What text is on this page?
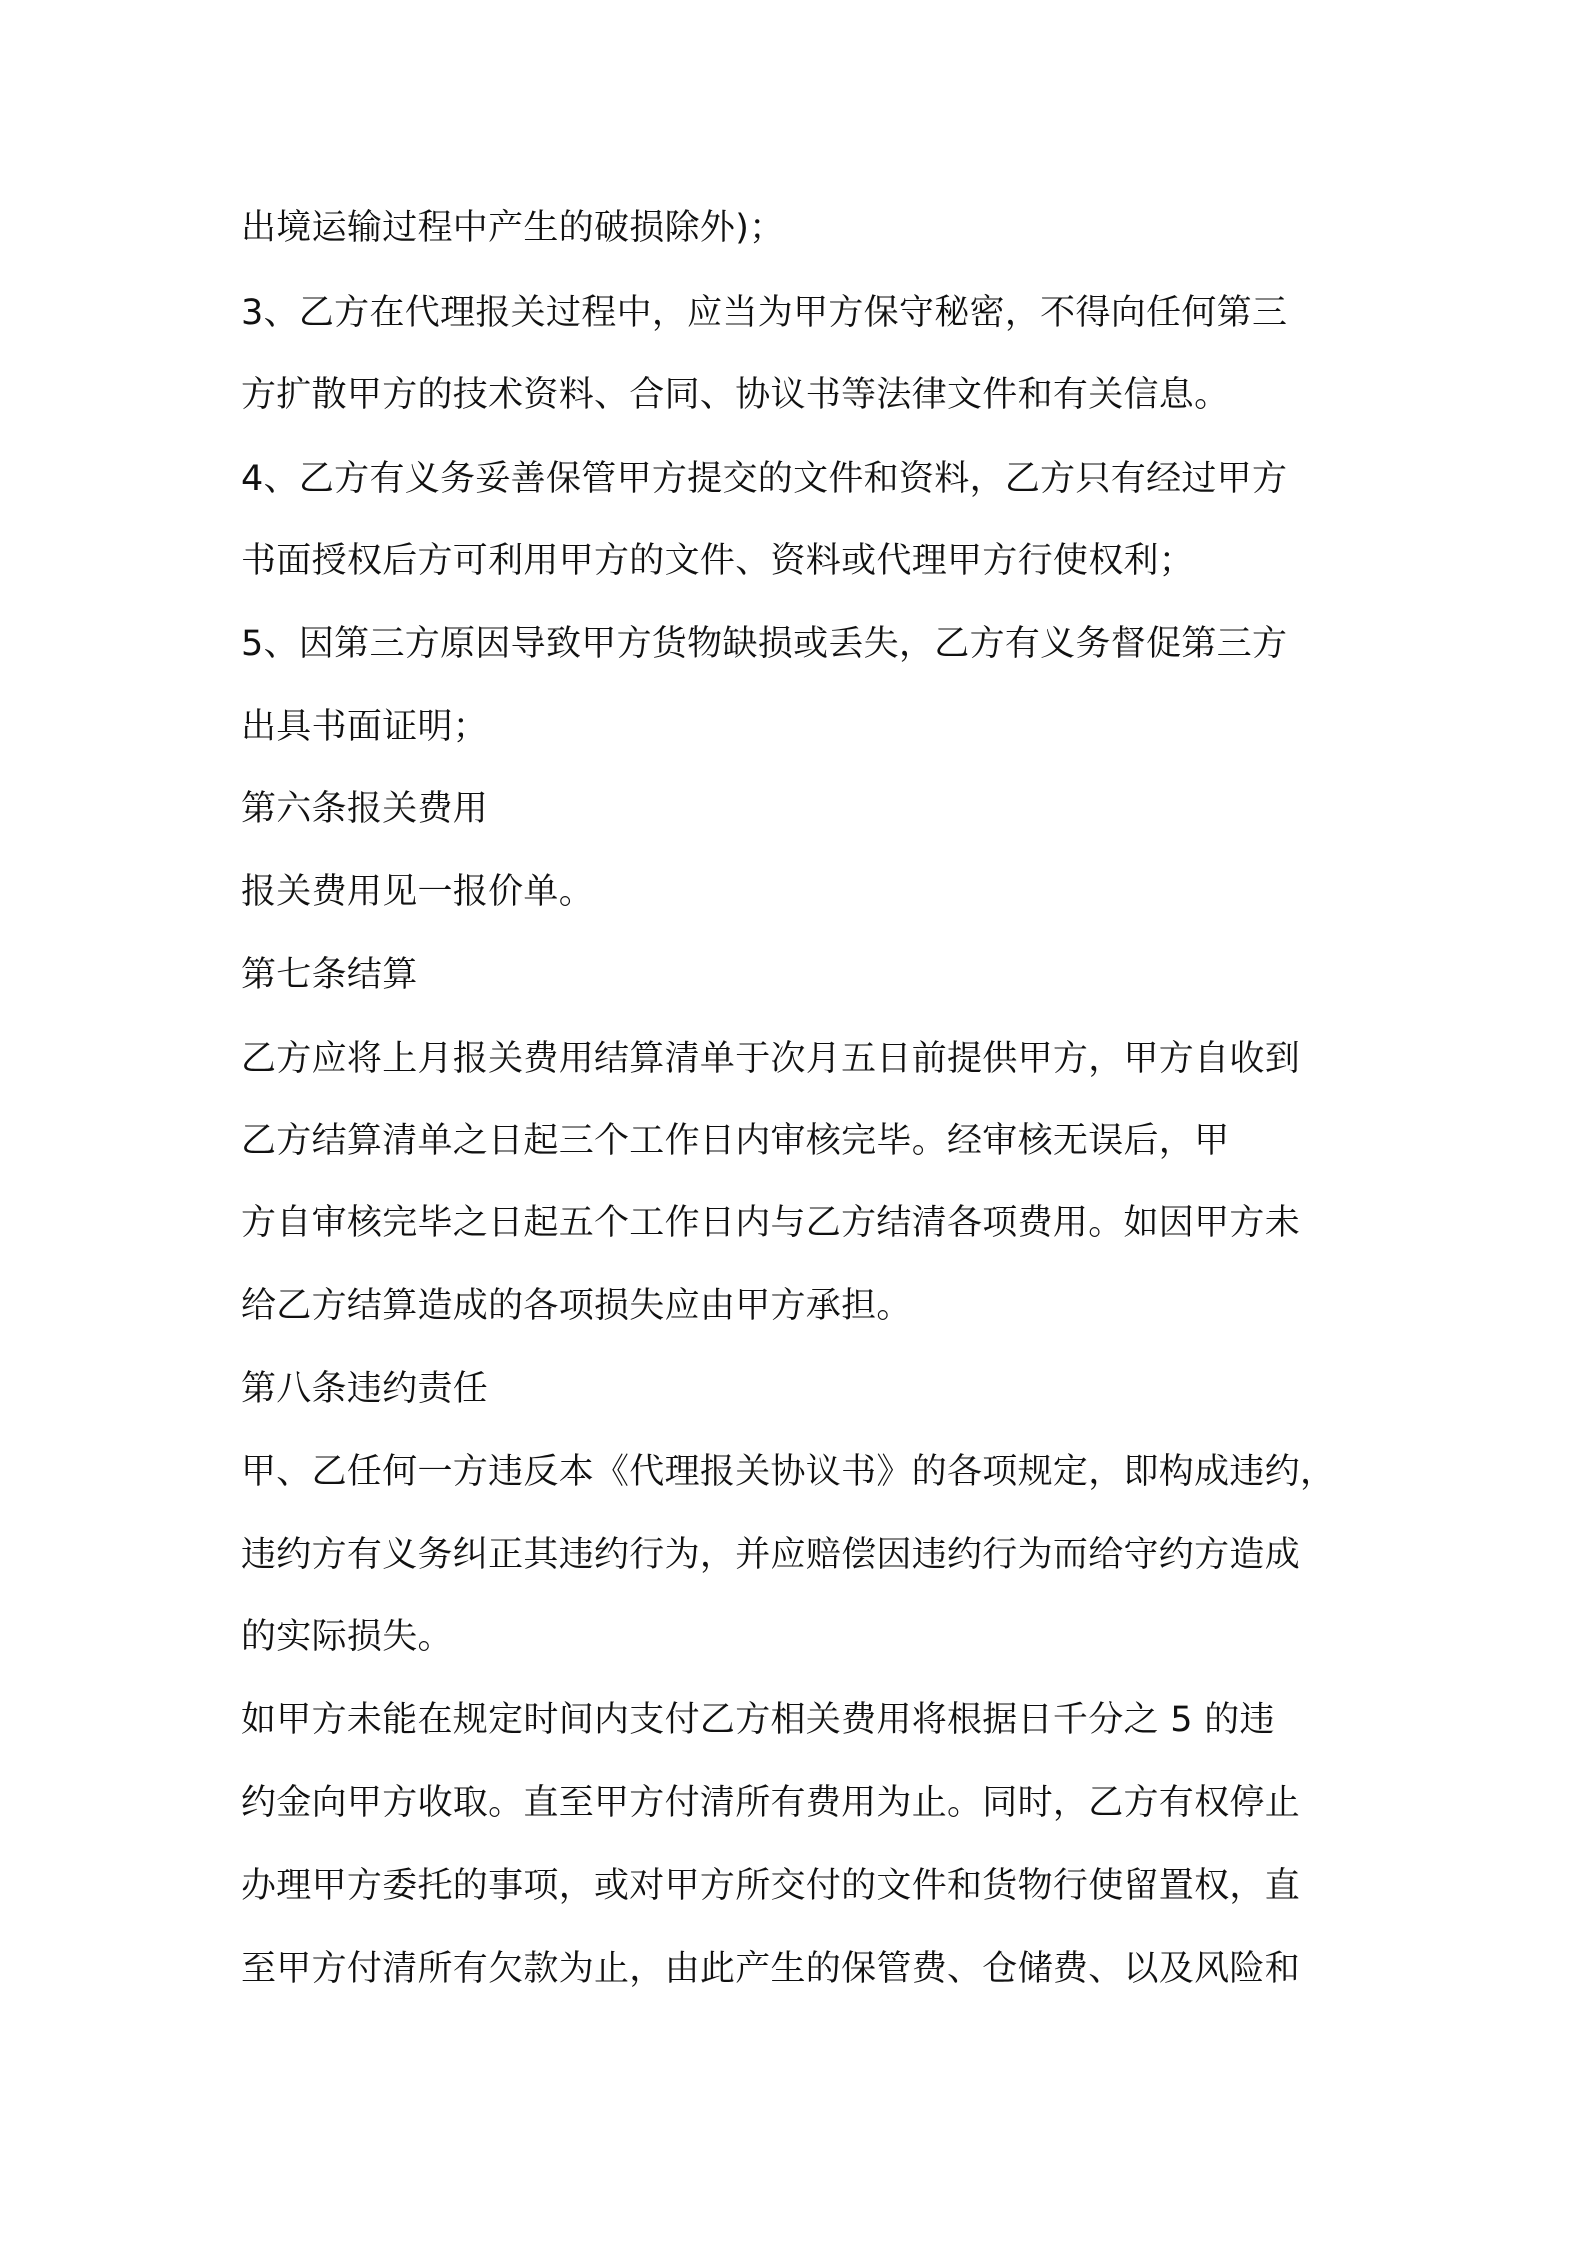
出境运输过程中产生的破损除外)；
3、乙方在代理报关过程中，应当为甲方保守秘密，不得向任何第三
方扩散甲方的技术资料、合同、协议书等法律文件和有关信息。
4、乙方有义务妥善保管甲方提交的文件和资料，乙方只有经过甲方
书面授权后方可利用甲方的文件、资料或代理甲方行使权利；
5、因第三方原因导致甲方货物缺损或丢失，乙方有义务督促第三方
出具书面证明；
第六条报关费用
报关费用见一报价单。
第七条结算
乙方应将上月报关费用结算清单于次月五日前提供甲方，甲方自收到
乙方结算清单之日起三个工作日内审核完毕。经审核无误后，甲
方自审核完毕之日起五个工作日内与乙方结清各项费用。如因甲方未
给乙方结算造成的各项损失应由甲方承担。
第八条违约责任
甲、乙任何一方违反本《代理报关协议书》的各项规定，即构成违约，
违约方有义务纠正其违约行为，并应赔偿因违约行为而给守约方造成
的实际损失。
如甲方未能在规定时间内支付乙方相关费用将根据日千分之 5 的违
约金向甲方收取。直至甲方付清所有费用为止。同时，乙方有权停止
办理甲方委托的事项，或对甲方所交付的文件和货物行使留置权，直
至甲方付清所有欠款为止，由此产生的保管费、仓储费、以及风险和
